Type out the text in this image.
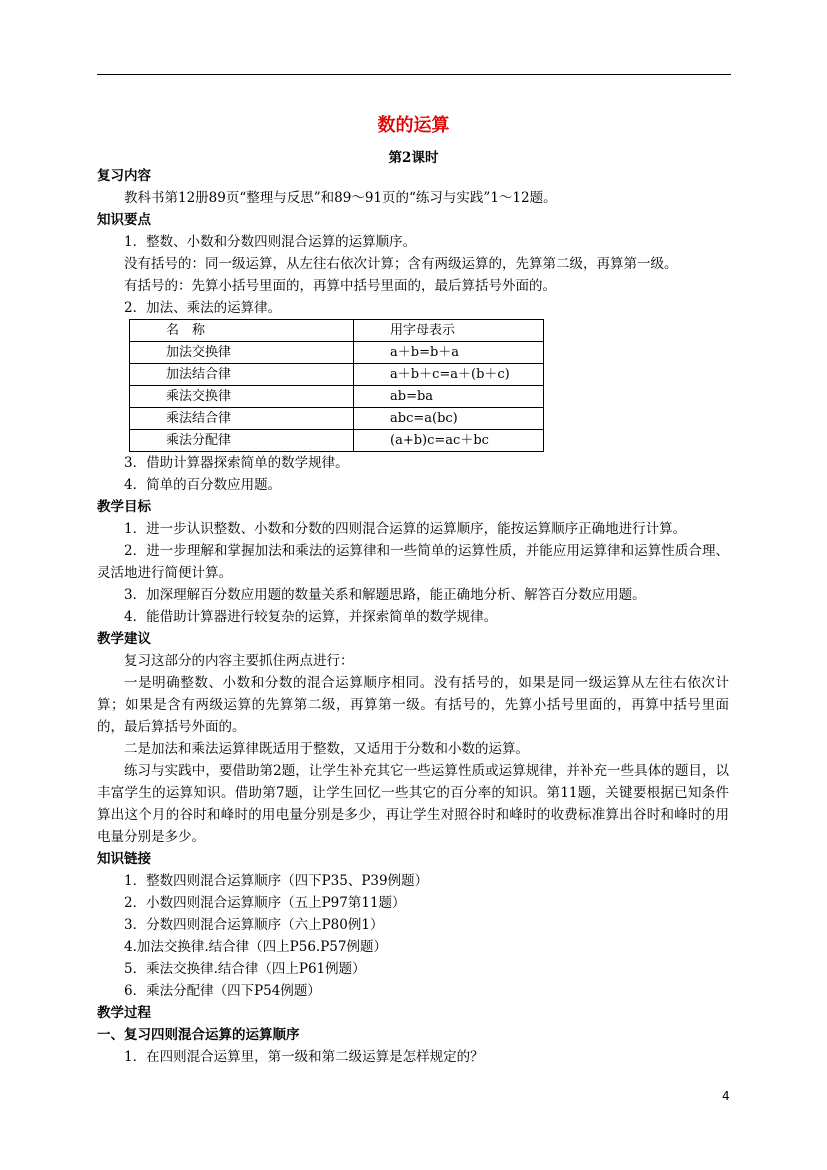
数的运算
第2课时
复习内容
教科书第12册89页“整理与反思”和89～91页的“练习与实践”1～12题。
知识要点
1．整数、小数和分数四则混合运算的运算顺序。
没有括号的：同一级运算，从左往右依次计算；含有两级运算的，先算第二级，再算第一级。
有括号的：先算小括号里面的，再算中括号里面的，最后算括号外面的。
2．加法、乘法的运算律。
名　称	用字母表示
加法交换律	a＋b=b＋a
加法结合律	a＋b＋c=a＋(b＋c)
乘法交换律	ab=ba
乘法结合律	abc=a(bc)
乘法分配律	(a+b)c=ac＋bc
3．借助计算器探索简单的数学规律。
4．简单的百分数应用题。
教学目标
1．进一步认识整数、小数和分数的四则混合运算的运算顺序，能按运算顺序正确地进行计算。
2．进一步理解和掌握加法和乘法的运算律和一些简单的运算性质，并能应用运算律和运算性质合理、灵活地进行简便计算。
3．加深理解百分数应用题的数量关系和解题思路，能正确地分析、解答百分数应用题。
4．能借助计算器进行较复杂的运算，并探索简单的数学规律。
教学建议
复习这部分的内容主要抓住两点进行：
一是明确整数、小数和分数的混合运算顺序相同。没有括号的，如果是同一级运算从左往右依次计算；如果是含有两级运算的先算第二级，再算第一级。有括号的，先算小括号里面的，再算中括号里面的，最后算括号外面的。
二是加法和乘法运算律既适用于整数，又适用于分数和小数的运算。
练习与实践中，要借助第2题，让学生补充其它一些运算性质或运算规律，并补充一些具体的题目，以丰富学生的运算知识。借助第7题，让学生回忆一些其它的百分率的知识。第11题，关键要根据已知条件算出这个月的谷时和峰时的用电量分别是多少，再让学生对照谷时和峰时的收费标准算出谷时和峰时的用电量分别是多少。
知识链接
1．整数四则混合运算顺序（四下P35、P39例题）
2．小数四则混合运算顺序（五上P97第11题）
3．分数四则混合运算顺序（六上P80例1）
4.加法交换律.结合律（四上P56.P57例题）
5．乘法交换律.结合律（四上P61例题）
6．乘法分配律（四下P54例题）
教学过程
一、复习四则混合运算的运算顺序
1．在四则混合运算里，第一级和第二级运算是怎样规定的？
4
